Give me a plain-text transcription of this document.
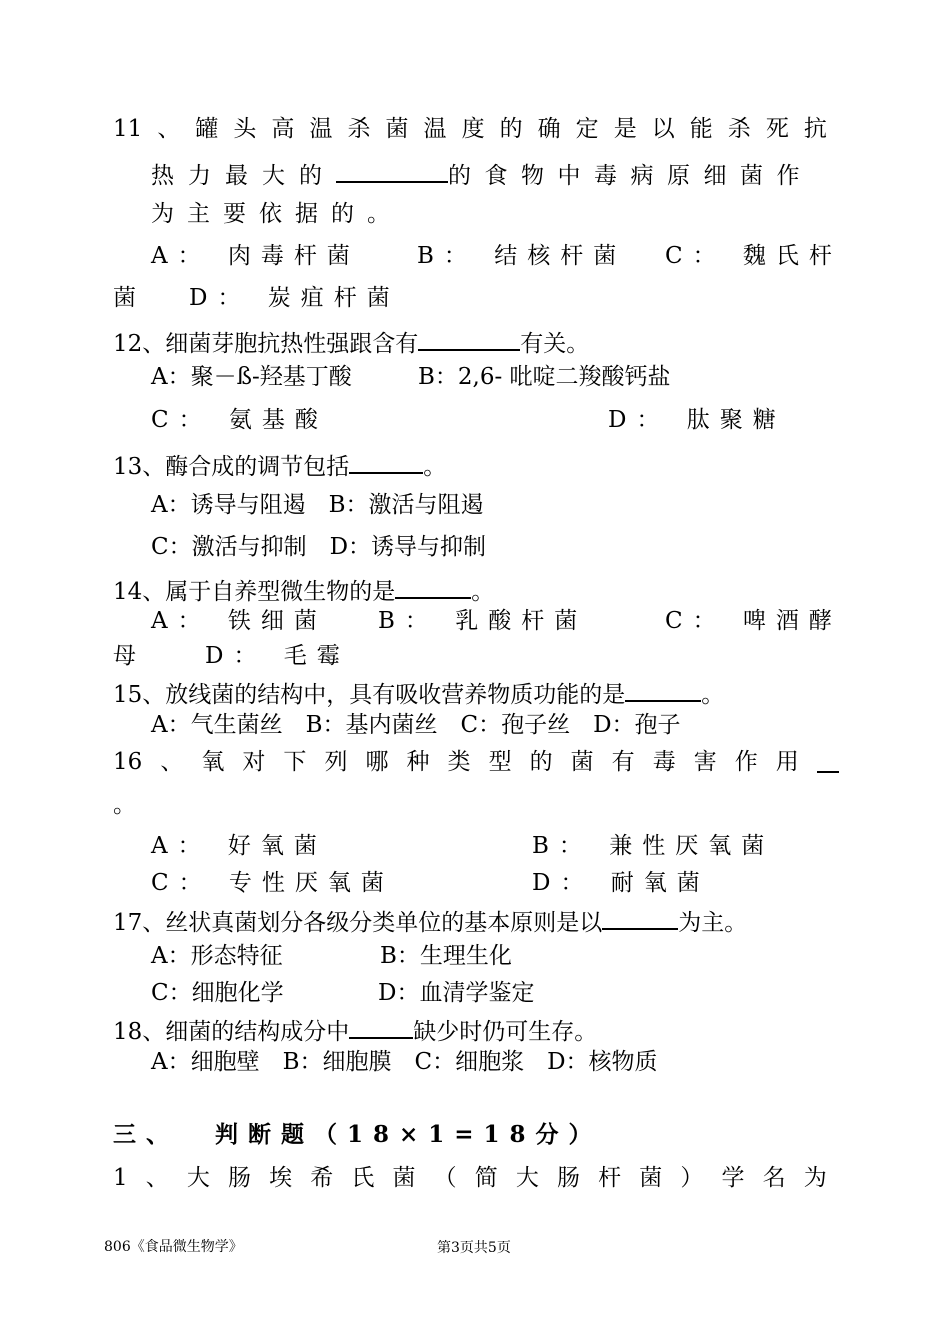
11 、 罐 头 高 温 杀 菌 温 度 的 确 定 是 以 能 杀 死 抗
热力最大的	的食物中毒病原细菌作
为主要依据的。
A： 肉毒杆菌 B： 结核杆菌 C： 魏氏杆
菌 D： 炭疽杆菌
12、细菌芽胞抗热性强跟含有	有关。
A：聚－ß-羟基丁酸	B：2,6- 吡啶二羧酸钙盐
C： 氨基酸	D： 肽聚糖
13、酶合成的调节包括	。
A：诱导与阻遏　B：激活与阻遏
C：激活与抑制　D：诱导与抑制
14、属于自养型微生物的是	。
A： 铁细菌 B： 乳酸杆菌	C： 啤酒酵
母	D： 毛霉
15、放线菌的结构中，具有吸收营养物质功能的是	。
A：气生菌丝　B：基内菌丝　C：孢子丝　D：孢子
16 、 氧 对 下 列 哪 种 类 型 的 菌 有 毒 害 作 用
。
A： 好氧菌	B： 兼性厌氧菌
C： 专性厌氧菌	D： 耐氧菌
17、丝状真菌划分各级分类单位的基本原则是以	为主。
A：形态特征	B：生理生化
C：细胞化学	D：血清学鉴定
18、细菌的结构成分中	缺少时仍可生存。
A：细胞壁　B：细胞膜　C：细胞浆　D：核物质
三、 判断题（18×1=18分）
1 、 大 肠 埃 希 氏 菌 （ 简 大 肠 杆 菌 ） 学 名 为
806《食品微生物学》	第3页共5页
